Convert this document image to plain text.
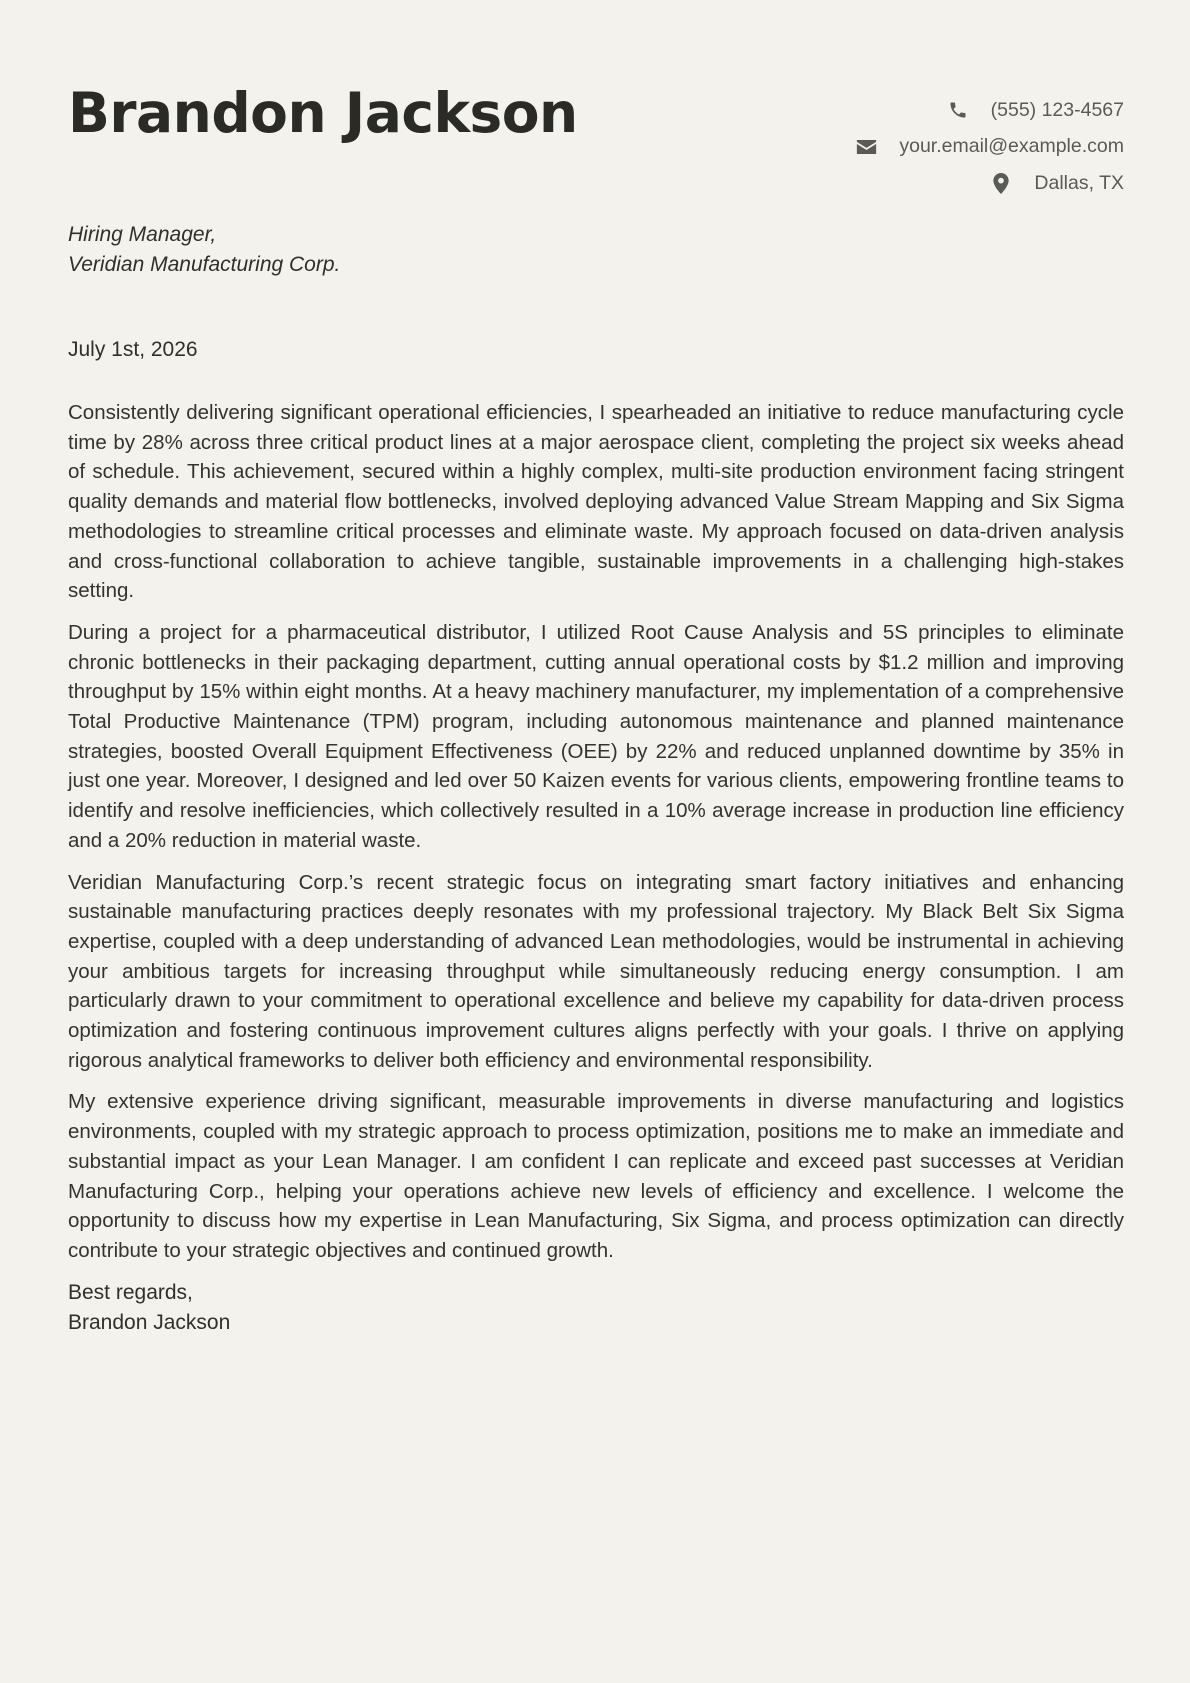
Brandon Jackson	(555) 123-4567
your.email@example.com
Dallas, TX
Hiring Manager,
Veridian Manufacturing Corp.
July 1st, 2026

Consistently delivering significant operational efficiencies, I spearheaded an initiative to reduce manufacturing cycle time by 28% across three critical product lines at a major aerospace client, completing the project six weeks ahead of schedule. This achievement, secured within a highly complex, multi-site production environment facing stringent quality demands and material flow bottlenecks, involved deploying advanced Value Stream Mapping and Six Sigma methodologies to streamline critical processes and eliminate waste. My approach focused on data-driven analysis and cross-functional collaboration to achieve tangible, sustainable improvements in a challenging high-stakes setting.

During a project for a pharmaceutical distributor, I utilized Root Cause Analysis and 5S principles to eliminate chronic bottlenecks in their packaging department, cutting annual operational costs by $1.2 million and improving throughput by 15% within eight months. At a heavy machinery manufacturer, my implementation of a comprehensive Total Productive Maintenance (TPM) program, including autonomous maintenance and planned maintenance strategies, boosted Overall Equipment Effectiveness (OEE) by 22% and reduced unplanned downtime by 35% in just one year. Moreover, I designed and led over 50 Kaizen events for various clients, empowering frontline teams to identify and resolve inefficiencies, which collectively resulted in a 10% average increase in production line efficiency and a 20% reduction in material waste.

Veridian Manufacturing Corp.’s recent strategic focus on integrating smart factory initiatives and enhancing sustainable manufacturing practices deeply resonates with my professional trajectory. My Black Belt Six Sigma expertise, coupled with a deep understanding of advanced Lean methodologies, would be instrumental in achieving your ambitious targets for increasing throughput while simultaneously reducing energy consumption. I am particularly drawn to your commitment to operational excellence and believe my capability for data-driven process optimization and fostering continuous improvement cultures aligns perfectly with your goals. I thrive on applying rigorous analytical frameworks to deliver both efficiency and environmental responsibility.

My extensive experience driving significant, measurable improvements in diverse manufacturing and logistics environments, coupled with my strategic approach to process optimization, positions me to make an immediate and substantial impact as your Lean Manager. I am confident I can replicate and exceed past successes at Veridian Manufacturing Corp., helping your operations achieve new levels of efficiency and excellence. I welcome the opportunity to discuss how my expertise in Lean Manufacturing, Six Sigma, and process optimization can directly contribute to your strategic objectives and continued growth.

Best regards,
Brandon Jackson
